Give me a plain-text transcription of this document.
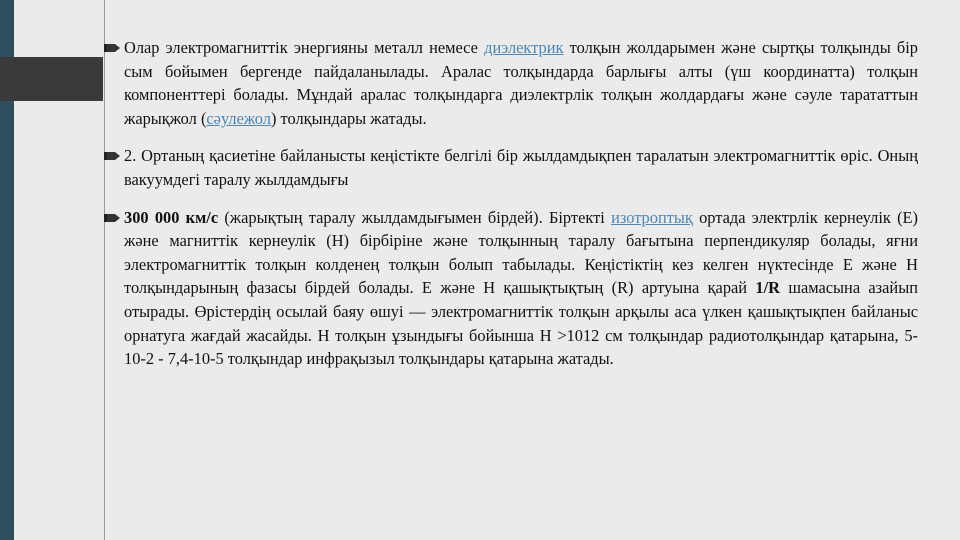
Олар электромагниттік энергияны металл немесе диэлектрик толқын жолдарымен және сыртқы толқынды бір сым бойымен бергенде пайдаланылады. Аралас толқындарда барлығы алты (үш координатта) толқын компоненттері болады. Мұндай аралас толқындарга диэлектрлік толқын жолдардағы және сәуле тарататтын жарықжол (сәулежол) толқындары жатады.
2. Ортаның қасиетіне байланысты кеңістікте белгілі бір жылдамдықпен таралатын электромагниттік өріс. Оның вакуумдегі таралу жылдамдығы
300 000 км/с (жарықтың таралу жылдамдығымен бірдей). Біртекті изотроптық ортада электрлік кернеулік (Е) және магниттік кернеулік (Н) бірбіріне және толқынның таралу бағытына перпендикуляр болады, яғни электромагниттік толқын колденең толқын болып табылады. Кеңістіктің кез келген нүктесінде Е және Н толқындарының фазасы бірдей болады. Е және Н қашықтықтың (R) артуына қарай 1/R шамасына азайып отырады. Өрістердің осылай баяу өшуі — электромагниттік толқын арқылы аса үлкен қашықтықпен байланыс орнатуга жағдай жасайды. Н толқын ұзындығы бойынша Н >1012 см толқындар радиотолқындар қатарына, 5- 10-2 - 7,4-10-5 толқындар инфрақызыл толқындары қатарына жатады.
